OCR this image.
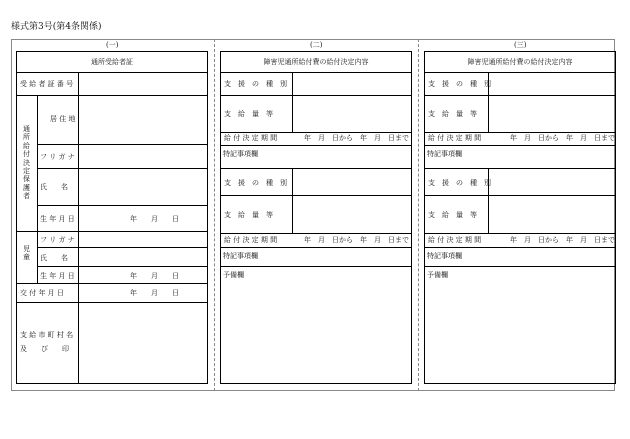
様式第3号(第4条関係)
(一)
通所受給者証
受 給 者 証 番 号
通所給付決定保護者
居 住 地
フ リ ガ ナ
氏　　名
生 年 月 日	年　　月　　日
児童
フ リ ガ ナ
氏　　名
生 年 月 日	年　　月　　日
交 付 年 月 日	年　　月　　日
支 給 市 町 村 名
及　　び　　印
(二)
障害児通所給付費の給付決定内容
支　援　の　種　別
支　給　量　等
給 付 決 定 期 間	年　月　日から　年　月　日まで
特記事項欄
支　援　の　種　別
支　給　量　等
給 付 決 定 期 間	年　月　日から　年　月　日まで
特記事項欄
予備欄
(三)
障害児通所給付費の給付決定内容
支　援　の　種　別
支　給　量　等
給 付 決 定 期 間	年　月　日から　年　月　日まで
特記事項欄
支　援　の　種　別
支　給　量　等
給 付 決 定 期 間	年　月　日から　年　月　日まで
特記事項欄
予備欄
